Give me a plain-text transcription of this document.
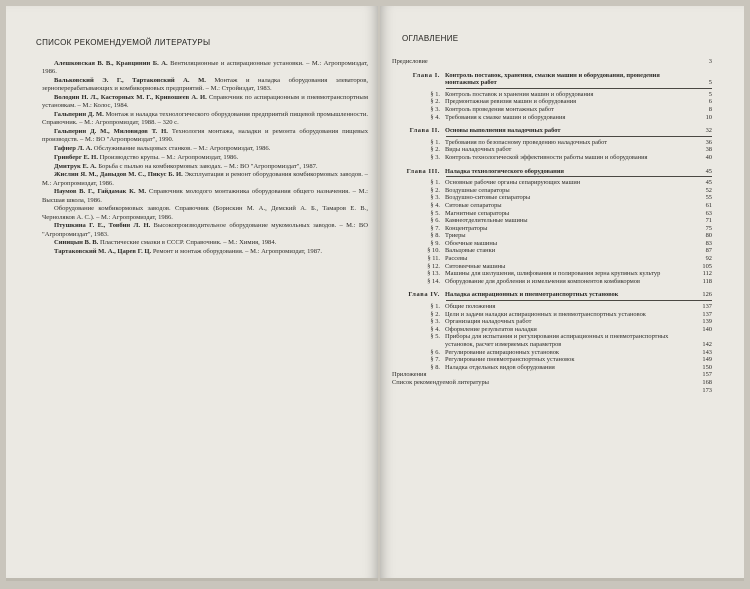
СПИСОК РЕКОМЕНДУЕМОЙ ЛИТЕРАТУРЫ
Алешковская В. В., Кравцинин Б. А. Вентиляционные и аспирационные установки. – М.: Агропромиздат, 1986.
Вальковский Э. Г., Тартаковский А. М. Монтаж и наладка оборудования элеваторов, зерноперерабатывающих и комбикормовых предприятий. – М.: Стройиздат, 1983.
Володин Н. Л., Касторных М. Г., Кривошеев А. И. Справочник по аспирационным и пневмотранспортным установкам. – М.: Колос, 1984.
Гальперин Д. М. Монтаж и наладка технологического оборудования предприятий пищевой промышленности. Справочник. – М.: Агропромиздат, 1988. – 320 с.
Гальперин Д. М., Миловидов Т. Н. Технология монтажа, наладки и ремонта оборудования пищевых производств. – М.: ВО "Агропромиздат", 1990.
Гафнер Л. А. Обслуживание вальцовых станков. – М.: Агропромиздат, 1986.
Гринберг Е. Н. Производство крупы. – М.: Агропромиздат, 1986.
Дмитрук Е. А. Борьба с пылью на комбикормовых заводах. – М.: ВО "Агропромиздат", 1987.
Жислин Я. М., Давыдов М. С., Пикус Б. И. Эксплуатация и ремонт оборудования комбикормовых заводов. – М.: Агропромиздат, 1986.
Наумов В. Г., Гайдамак К. М. Справочник молодого монтажника оборудования общего назначения. – М.: Высшая школа, 1986.
Оборудование комбикормовых заводов. Справочник (Борискин М. А., Демский А. Б., Тамаров Е. В., Черноляков А. С.). – М.: Агропромиздат, 1986.
Птушкина Г. Е., Товбин Л. Н. Высокопроизводительное оборудование мукомольных заводов. – М.: ВО "Агропромиздат", 1983.
Синицын В. В. Пластические смазки в СССР. Справочник. – М.: Химия, 1984.
Тартаковский М. А., Царев Г. Ц. Ремонт и монтаж оборудования. – М.: Агропромиздат, 1987.
ОГЛАВЛЕНИЕ
Предисловие	3
Глава I. Контроль поставок, хранения, смазки машин и оборудования, проведения монтажных работ	5
§ 1. Контроль поставок и хранения машин и оборудования	5
§ 2. Предмонтажная ревизия машин и оборудования	6
§ 3. Контроль проведения монтажных работ	8
§ 4. Требования к смазке машин и оборудования	10
Глава II. Основы выполнения наладочных работ	32
§ 1. Требования по безопасному проведению наладочных работ	36
§ 2. Виды наладочных работ	38
§ 3. Контроль технологической эффективности работы машин и оборудования	40
Глава III. Наладка технологического оборудования	45
§ 1. Основные рабочие органы сепарирующих машин	45
§ 2. Воздушные сепараторы	52
§ 3. Воздушно-ситовые сепараторы	55
§ 4. Ситовые сепараторы	61
§ 5. Магнитные сепараторы	63
§ 6. Камнеотделительные машины	71
§ 7. Концентраторы	75
§ 8. Триеры	80
§ 9. Обоечные машины	83
§ 10. Вальцовые станки	87
§ 11. Рассевы	92
§ 12. Ситовеечные машины	105
§ 13. Машины для шелушения, шлифования и полирования зерна крупяных культур	112
§ 14. Оборудование для дробления и измельчения компонентов комбикормов	118
Глава IV. Наладка аспирационных и пневмотранспортных установок	126
§ 1. Общие положения	137
§ 2. Цели и задачи наладки аспирационных и пневмотранспортных установок	137
§ 3. Организация наладочных работ	139
§ 4. Оформление результатов наладки	140
§ 5. Приборы для испытания и регулирования аспирационных и пневмотранспортных установок, расчет измеряемых параметров	142
§ 6. Регулирование аспирационных установок	143
§ 7. Регулирование пневмотранспортных установок	149
§ 8. Наладка отдельных видов оборудования	150
Приложения	157
Список рекомендуемой литературы	168
173
